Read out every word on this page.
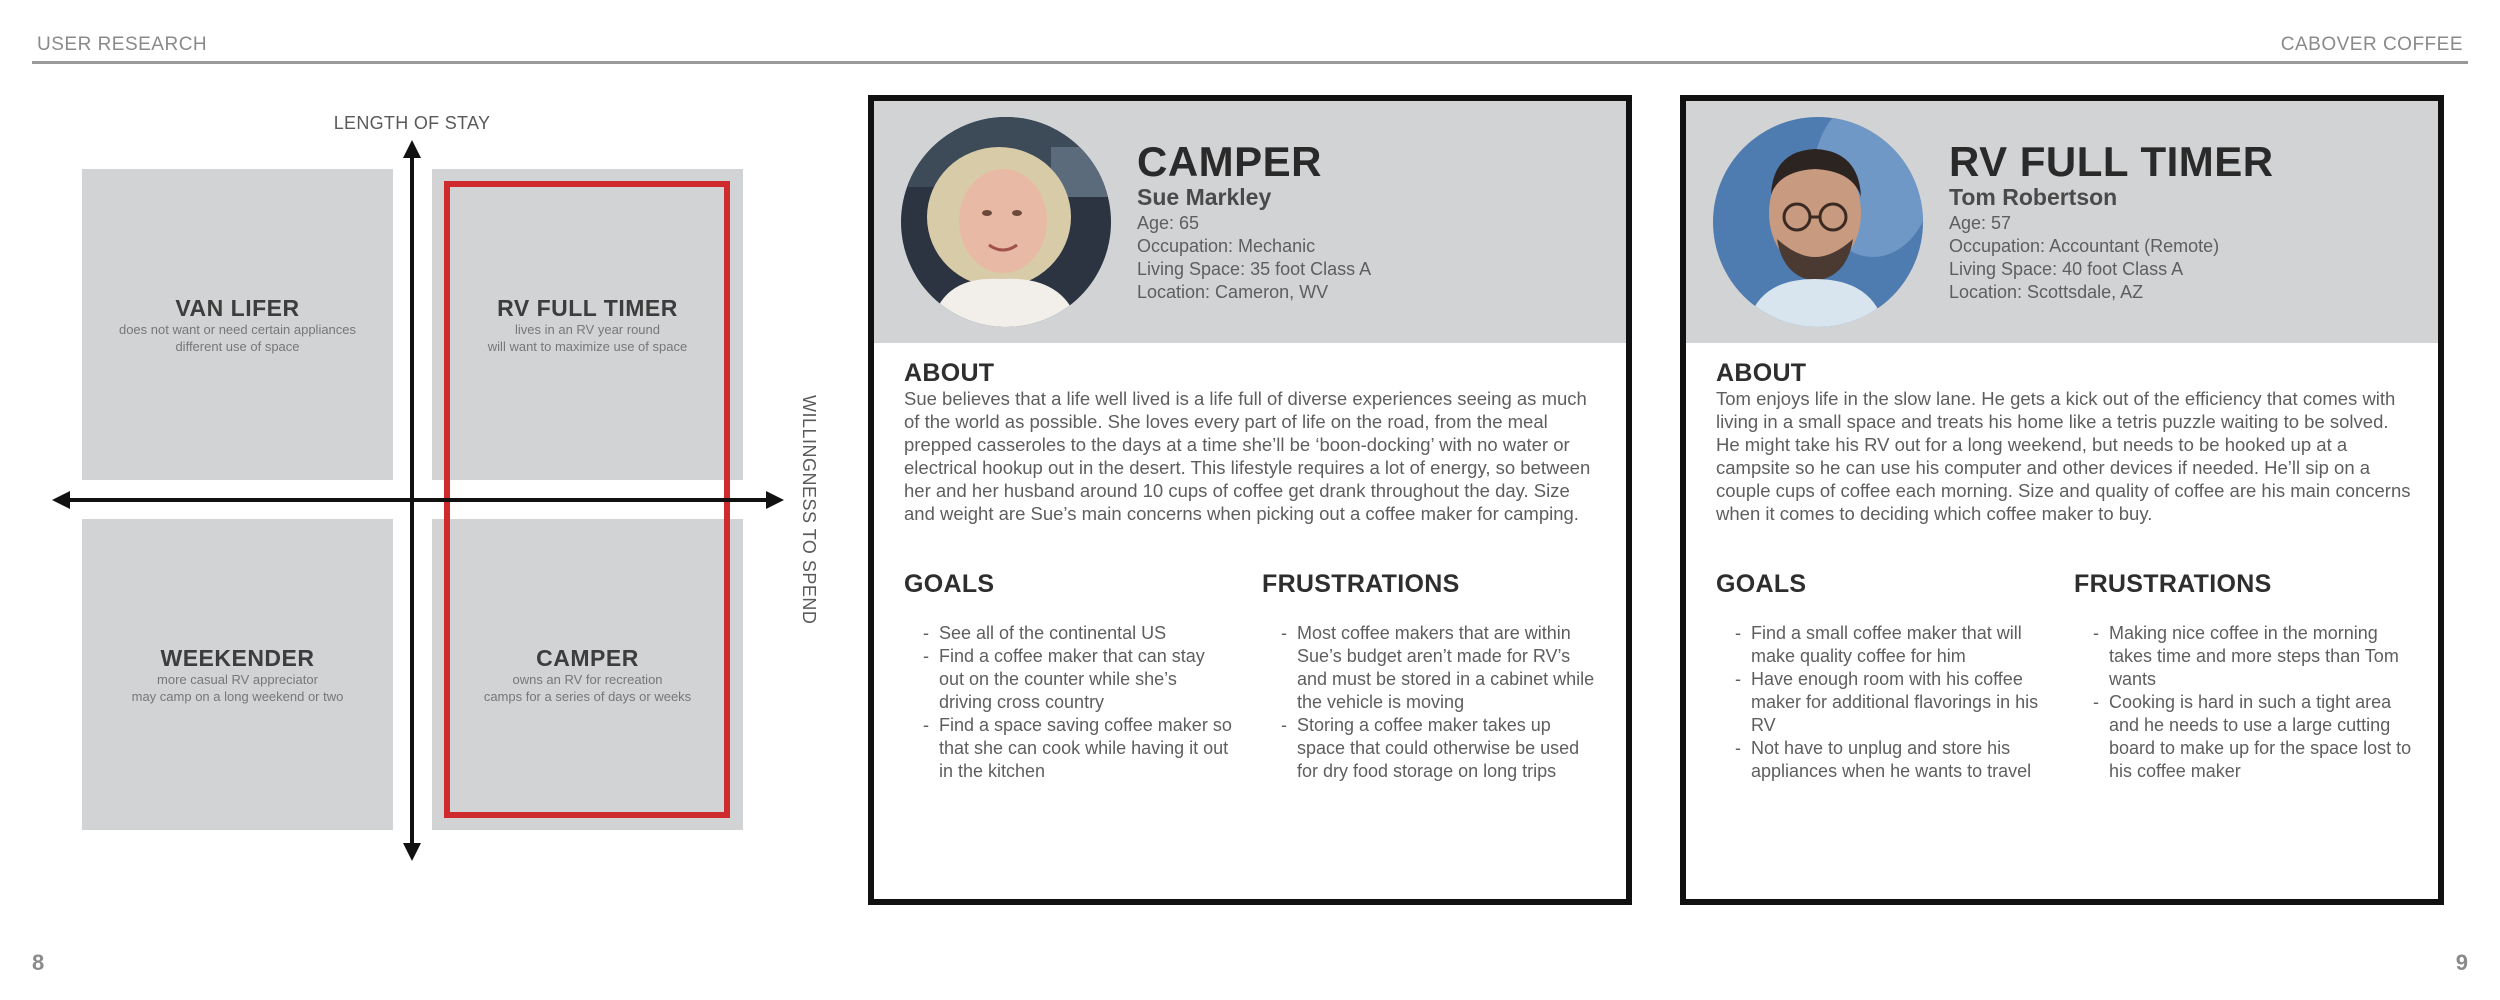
USER RESEARCH	CABOVER COFFEE
VAN LIFER
does not want or need certain appliances
different use of space
RV FULL TIMER
lives in an RV year round
will want to maximize use of space
WEEKENDER
more casual RV appreciator
may camp on a long weekend or two
CAMPER
owns an RV for recreation
camps for a series of days or weeks
LENGTH OF STAY
WILLINGNESS TO SPEND
CAMPER
Sue Markley
Age: 65
Occupation: Mechanic
Living Space: 35 foot Class A
Location: Cameron, WV
ABOUT
Sue believes that a life well lived is a life full of diverse experiences seeing as much of the world as possible. She loves every part of life on the road, from the meal prepped casseroles to the days at a time she’ll be ‘boon-docking’ with no water or electrical hookup out in the desert. This lifestyle requires a lot of energy, so between her and her husband around 10 cups of coffee get drank throughout the day. Size and weight are Sue’s main concerns when picking out a coffee maker for camping.
GOALS
- See all of the continental US
- Find a coffee maker that can stay out on the counter while she’s driving cross country
- Find a space saving coffee maker so that she can cook while having it out in the kitchen
FRUSTRATIONS
- Most coffee makers that are within Sue’s budget aren’t made for RV’s and must be stored in a cabinet while the vehicle is moving
- Storing a coffee maker takes up space that could otherwise be used for dry food storage on long trips
RV FULL TIMER
Tom Robertson
Age: 57
Occupation: Accountant (Remote)
Living Space: 40 foot Class A
Location: Scottsdale, AZ
ABOUT
Tom enjoys life in the slow lane. He gets a kick out of the efficiency that comes with living in a small space and treats his home like a tetris puzzle waiting to be solved. He might take his RV out for a long weekend, but needs to be hooked up at a campsite so he can use his computer and other devices if needed. He’ll sip on a couple cups of coffee each morning. Size and quality of coffee are his main concerns when it comes to deciding which coffee maker to buy.
GOALS
- Find a small coffee maker that will make quality coffee for him
- Have enough room with his coffee maker for additional flavorings in his RV
- Not have to unplug and store his appliances when he wants to travel
FRUSTRATIONS
- Making nice coffee in the morning takes time and more steps than Tom wants
- Cooking is hard in such a tight area and he needs to use a large cutting board to make up for the space lost to his coffee maker
8	9
